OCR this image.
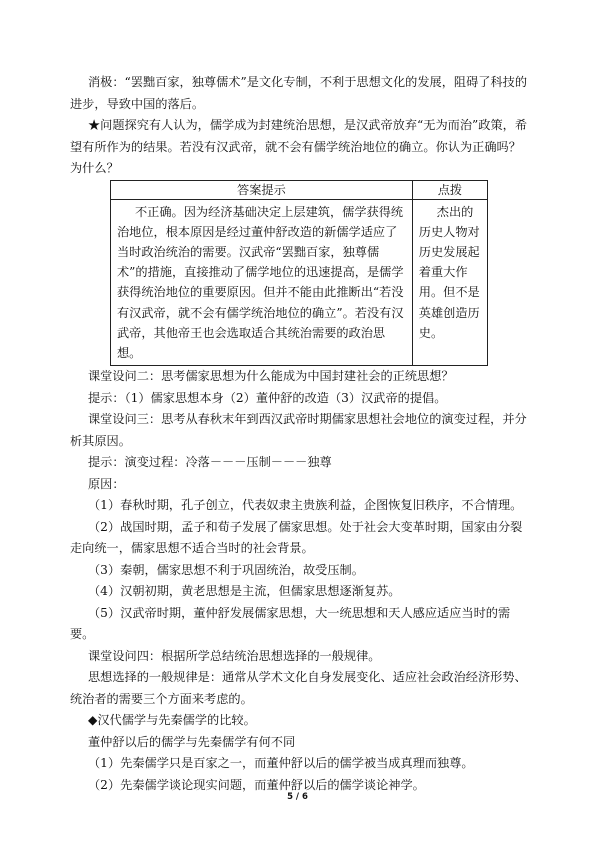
消极：“罢黜百家，独尊儒术”是文化专制，不利于思想文化的发展，阻碍了科技的进步，导致中国的落后。

★问题探究有人认为，儒学成为封建统治思想，是汉武帝放弃“无为而治”政策，希望有所作为的结果。若没有汉武帝，就不会有儒学统治地位的确立。你认为正确吗？为什么？

答案提示	点拨
不正确。因为经济基础决定上层建筑，儒学获得统治地位，根本原因是经过董仲舒改造的新儒学适应了当时政治统治的需要。汉武帝“罢黜百家，独尊儒术”的措施，直接推动了儒学地位的迅速提高，是儒学获得统治地位的重要原因。但并不能由此推断出“若没有汉武帝，就不会有儒学统治地位的确立”。若没有汉武帝，其他帝王也会选取适合其统治需要的政治思想。	杰出的历史人物对历史发展起着重大作用。但不是英雄创造历史。

课堂设问二：思考儒家思想为什么能成为中国封建社会的正统思想？

提示：（1）儒家思想本身（2）董仲舒的改造（3）汉武帝的提倡。

课堂设问三：思考从春秋末年到西汉武帝时期儒家思想社会地位的演变过程，并分析其原因。

提示：演变过程：冷落－－－压制－－－独尊

原因：

（1）春秋时期，孔子创立，代表奴隶主贵族利益，企图恢复旧秩序，不合情理。

（2）战国时期，孟子和荀子发展了儒家思想。处于社会大变革时期，国家由分裂走向统一，儒家思想不适合当时的社会背景。

（3）秦朝，儒家思想不利于巩固统治，故受压制。

（4）汉朝初期，黄老思想是主流，但儒家思想逐渐复苏。

（5）汉武帝时期，董仲舒发展儒家思想，大一统思想和天人感应适应当时的需要。

课堂设问四：根据所学总结统治思想选择的一般规律。

思想选择的一般规律是：通常从学术文化自身发展变化、适应社会政治经济形势、统治者的需要三个方面来考虑的。

◆汉代儒学与先秦儒学的比较。

董仲舒以后的儒学与先秦儒学有何不同

（1）先秦儒学只是百家之一，而董仲舒以后的儒学被当成真理而独尊。

（2）先秦儒学谈论现实问题，而董仲舒以后的儒学谈论神学。

5 / 6
